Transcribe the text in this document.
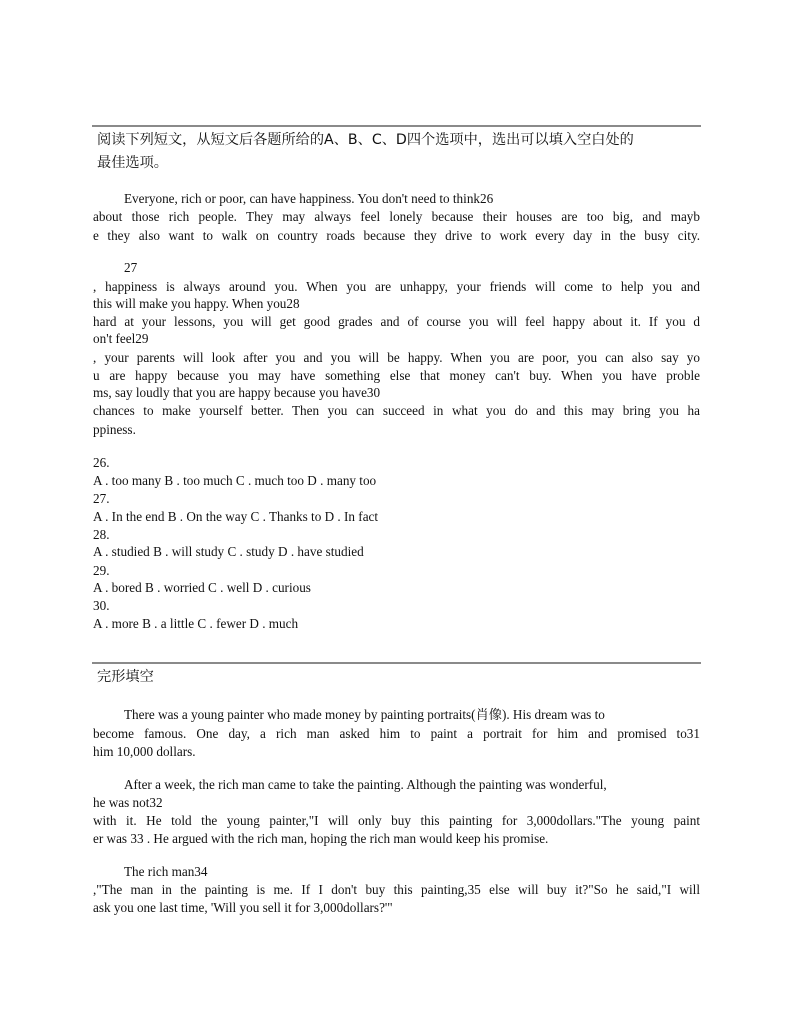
阅读下列短文，从短文后各题所给的A、B、C、D四个选项中，选出可以填入空白处的
最佳选项。
Everyone, rich or poor, can have happiness. You don't need to think26
about those rich people. They may always feel lonely because their houses are too big, and mayb
e they also want to walk on country roads because they drive to work every day in the busy city.
27
, happiness is always around you. When you are unhappy, your friends will come to help you and
this will make you happy. When you28
hard at your lessons, you will get good grades and of course you will feel happy about it. If you d
on't feel29
, your parents will look after you and you will be happy. When you are poor, you can also say yo
u are happy because you may have something else that money can't buy. When you have proble
ms, say loudly that you are happy because you have30
chances to make yourself better. Then you can succeed in what you do and this may bring you ha
ppiness.
26.
A . too many B . too much C . much too D . many too
27.
A . In the end B . On the way C . Thanks to D . In fact
28.
A . studied B . will study C . study D . have studied
29.
A . bored B . worried C . well D . curious
30.
A . more B . a little C . fewer D . much
完形填空
There was a young painter who made money by painting portraits(肖像). His dream was to
become famous. One day, a rich man asked him to paint a portrait for him and promised to31
him 10,000 dollars.
After a week, the rich man came to take the painting. Although the painting was wonderful,
he was not32
with it. He told the young painter,"I will only buy this painting for 3,000dollars."The young paint
er was 33 . He argued with the rich man, hoping the rich man would keep his promise.
The rich man34
,"The man in the painting is me. If I don't buy this painting,35 else will buy it?"So he said,"I will
ask you one last time, 'Will you sell it for 3,000dollars?'"
